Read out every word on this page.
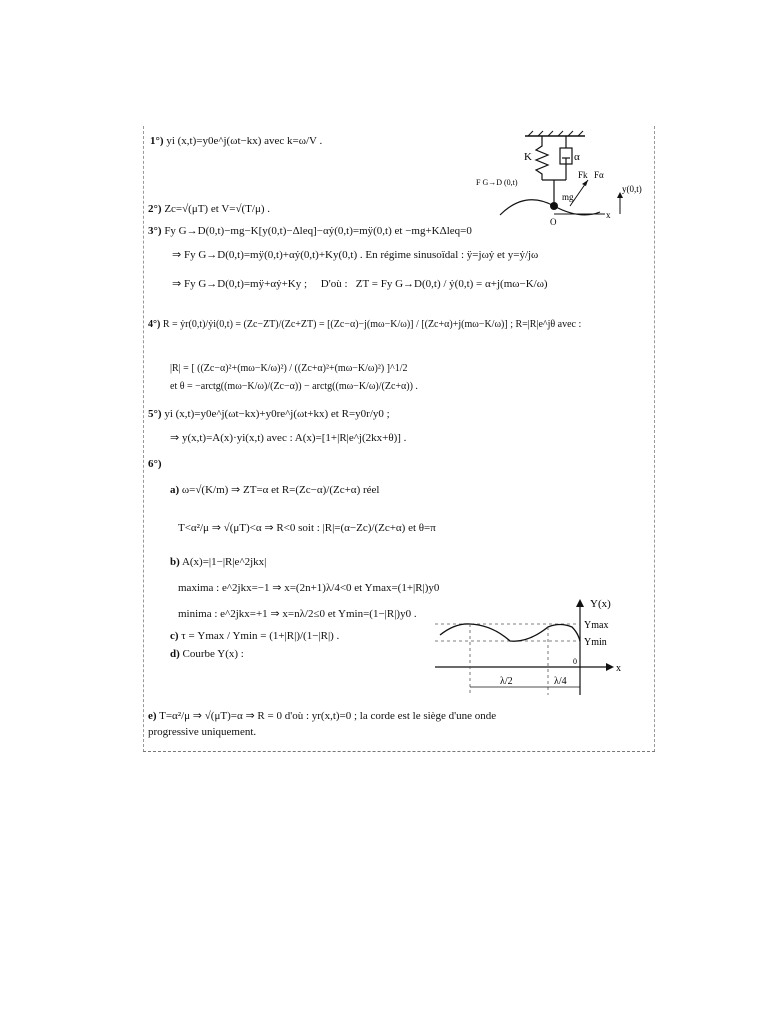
1°) yi (x,t)=y0e^j(ωt−kx) avec k=ω/V .
2°) Zc=√(μT) et V=√(T/μ) .
3°) Fy G→D(0,t)−mg−K[y(0,t)−Δleq]−αẏ(0,t)=mÿ(0,t) et −mg+KΔleq=0
⇒ Fy G→D(0,t)=mÿ(0,t)+αẏ(0,t)+Ky(0,t) . En régime sinusoïdal : ÿ=jωẏ et y=ẏ/jω
⇒ Fy G→D(0,t)=mÿ+αẏ+Ky ; D'où : ZT = Fy G→D(0,t) / ẏ(0,t) = α+j(mω−K/ω)
4°) R = ẏr(0,t)/ẏi(0,t) = (Zc−ZT)/(Zc+ZT) = [(Zc−α)−j(mω−K/ω)] / [(Zc+α)+j(mω−K/ω)] ; R=|R|e^jθ avec :
|R| = [ ((Zc−α)²+(mω−K/ω)²) / ((Zc+α)²+(mω−K/ω)²) ]^1/2
et θ = −arctg((mω−K/ω)/(Zc−α)) − arctg((mω−K/ω)/(Zc+α)) .
5°) yi (x,t)=y0e^j(ωt−kx)+y0re^j(ωt+kx) et R=y0r/y0 ;
⇒ y(x,t)=A(x)·yi(x,t) avec : A(x)=[1+|R|e^j(2kx+θ)] .
6°)
a) ω=√(K/m) ⇒ ZT=α et R=(Zc−α)/(Zc+α) réel
T<α²/μ ⇒ √(μT)<α ⇒ R<0 soit : |R|=(α−Zc)/(Zc+α) et θ=π
b) A(x)=|1−|R|e^2jkx|
maxima : e^2jkx=−1 ⇒ x=(2n+1)λ/4<0 et Ymax=(1+|R|)y0
minima : e^2jkx=+1 ⇒ x=nλ/2≤0 et Ymin=(1−|R|)y0 .
c) τ = Ymax / Ymin = (1+|R|)/(1−|R|) .
d) Courbe Y(x) :
e) T=α²/μ ⇒ √(μT)=α ⇒ R = 0 d'où : yr(x,t)=0 ; la corde est le siège d'une onde
progressive uniquement.
K	α
F G→D (0,t)
Fk Fα
mg
O
x
y(0,t)
Y(x)
Ymax
Ymin
x
λ/2	λ/4
0
